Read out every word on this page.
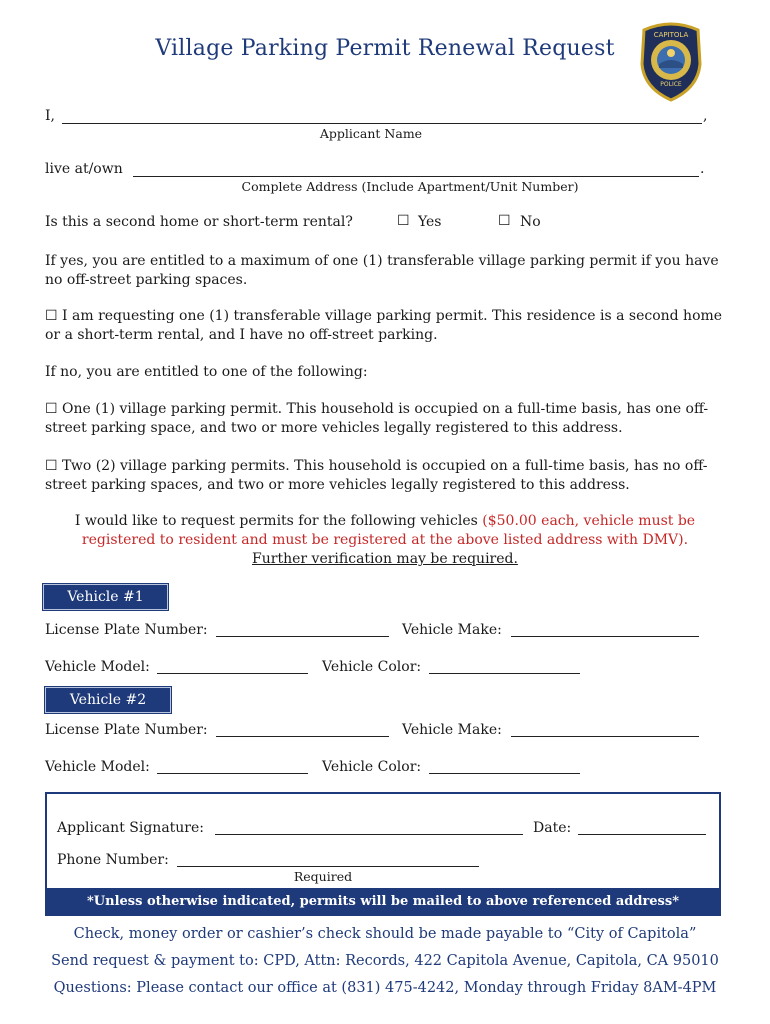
Village Parking Permit Renewal Request
CAPITOLA
POLICE
I,	,
Applicant Name
live at/own	.
Complete Address (Include Apartment/Unit Number)
Is this a second home or short-term rental?	☐ Yes	☐ No
If yes, you are entitled to a maximum of one (1) transferable village parking permit if you have no off-street parking spaces.
☐ I am requesting one (1) transferable village parking permit. This residence is a second home or a short-term rental, and I have no off-street parking.
If no, you are entitled to one of the following:
☐ One (1) village parking permit. This household is occupied on a full-time basis, has one off-street parking space, and two or more vehicles legally registered to this address.
☐ Two (2) village parking permits. This household is occupied on a full-time basis, has no off-street parking spaces, and two or more vehicles legally registered to this address.
I would like to request permits for the following vehicles ($50.00 each, vehicle must be
registered to resident and must be registered at the above listed address with DMV).
Further verification may be required.
Vehicle #1
License Plate Number:	Vehicle Make:
Vehicle Model:	Vehicle Color:
Vehicle #2
License Plate Number:	Vehicle Make:
Vehicle Model:	Vehicle Color:
Applicant Signature:	Date:
Phone Number:
Required
*Unless otherwise indicated, permits will be mailed to above referenced address*
Check, money order or cashier’s check should be made payable to “City of Capitola”
Send request & payment to: CPD, Attn: Records, 422 Capitola Avenue, Capitola, CA 95010
Questions: Please contact our office at (831) 475-4242, Monday through Friday 8AM-4PM
